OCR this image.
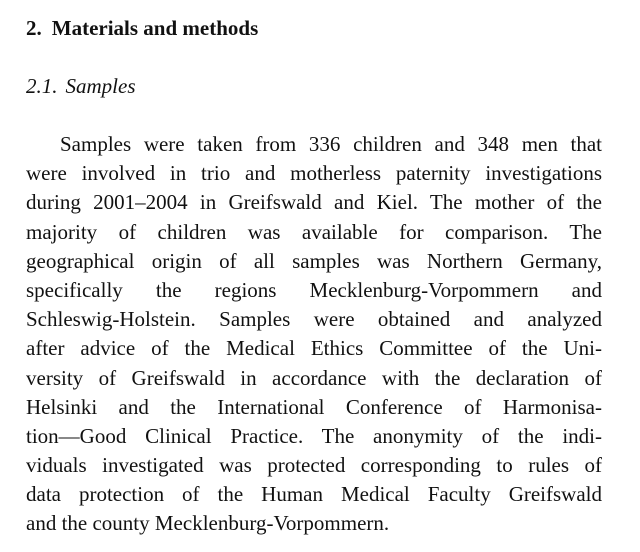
2. Materials and methods
2.1. Samples
Samples were taken from 336 children and 348 men that
were involved in trio and motherless paternity investigations
during 2001–2004 in Greifswald and Kiel. The mother of the
majority of children was available for comparison. The
geographical origin of all samples was Northern Germany,
specifically the regions Mecklenburg-Vorpommern and
Schleswig-Holstein. Samples were obtained and analyzed
after advice of the Medical Ethics Committee of the Uni-
versity of Greifswald in accordance with the declaration of
Helsinki and the International Conference of Harmonisa-
tion—Good Clinical Practice. The anonymity of the indi-
viduals investigated was protected corresponding to rules of
data protection of the Human Medical Faculty Greifswald
and the county Mecklenburg-Vorpommern.
